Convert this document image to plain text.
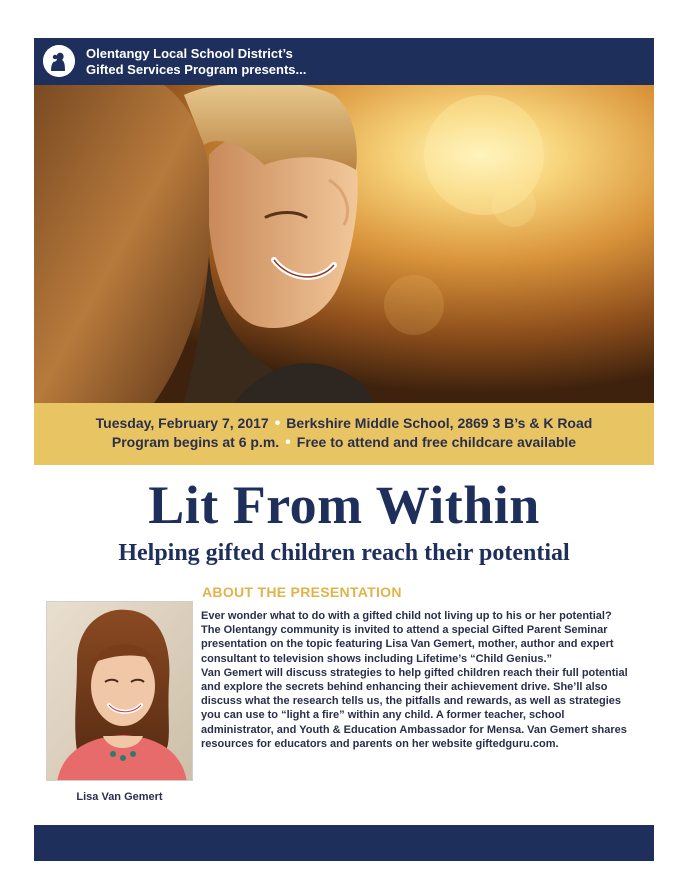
Olentangy Local School District’s
Gifted Services Program presents...
Tuesday, February 7, 2017 • Berkshire Middle School, 2869 3 B’s & K Road
Program begins at 6 p.m. • Free to attend and free childcare available
Lit From Within
Helping gifted children reach their potential
ABOUT THE PRESENTATION
Lisa Van Gemert

Ever wonder what to do with a gifted child not living up to his or her potential? The Olentangy community is invited to attend a special Gifted Parent Seminar presentation on the topic featuring Lisa Van Gemert, mother, author and expert consultant to television shows including Lifetime’s “Child Genius.”

Van Gemert will discuss strategies to help gifted children reach their full potential and explore the secrets behind enhancing their achievement drive. She’ll also discuss what the research tells us, the pitfalls and rewards, as well as strategies you can use to “light a fire” within any child. A former teacher, school administrator, and Youth & Education Ambassador for Mensa. Van Gemert shares resources for educators and parents on her website giftedguru.com.
